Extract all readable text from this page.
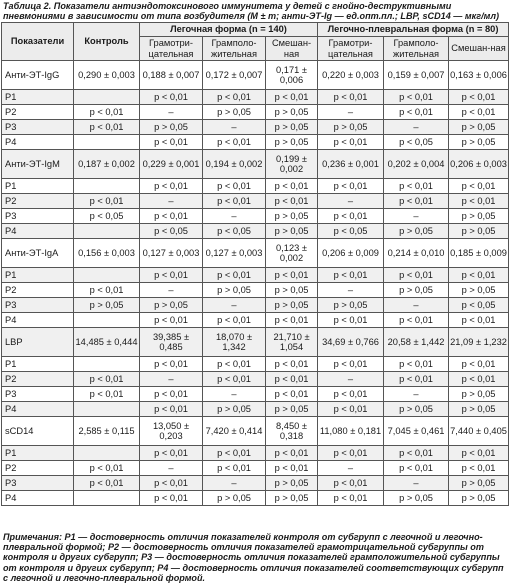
Таблица 2. Показатели антиэндотоксинового иммунитета у детей с гнойно-деструктивными пневмониями в зависимости от типа возбудителя (M ± m; анти-ЭТ-Ig — ед.опт.пл.; LBP, sCD14 — мкг/мл)
Показатели	Контроль	Легочная форма (n = 140)			Легочно-плевральная форма (n = 80)		
		Грамотри-цательная	Грамполо-жительная	Смешан-ная	Грамотри-цательная	Грамполо-жительная	Смешан-ная
Анти-ЭТ-IgG	0,290 ± 0,003	0,188 ± 0,007	0,172 ± 0,007	0,171 ± 0,006	0,220 ± 0,003	0,159 ± 0,007	0,163 ± 0,006
P1		p < 0,01	p < 0,01	p < 0,01	p < 0,01	p < 0,01	p < 0,01
P2	p < 0,01	–	p > 0,05	p > 0,05	–	p < 0,01	p < 0,01
P3	p < 0,01	p > 0,05	–	p > 0,05	p > 0,05	–	p > 0,05
P4		p < 0,01	p < 0,01	p > 0,05	p < 0,01	p < 0,05	p > 0,05
Анти-ЭТ-IgM	0,187 ± 0,002	0,229 ± 0,001	0,194 ± 0,002	0,199 ± 0,002	0,236 ± 0,001	0,202 ± 0,004	0,206 ± 0,003
P1		p < 0,01	p < 0,01	p < 0,01	p < 0,01	p < 0,01	p < 0,01
P2	p < 0,01	–	p < 0,01	p < 0,01	–	p < 0,01	p < 0,01
P3	p < 0,05	p < 0,01	–	p > 0,05	p < 0,01	–	p > 0,05
P4		p < 0,05	p < 0,05	p > 0,05	p < 0,05	p > 0,05	p > 0,05
Анти-ЭТ-IgA	0,156 ± 0,003	0,127 ± 0,003	0,127 ± 0,003	0,123 ± 0,002	0,206 ± 0,009	0,214 ± 0,010	0,185 ± 0,009
P1		p < 0,01	p < 0,01	p < 0,01	p < 0,01	p < 0,01	p < 0,01
P2	p < 0,01	–	p > 0,05	p > 0,05	–	p > 0,05	p > 0,05
P3	p > 0,05	p > 0,05	–	p > 0,05	p > 0,05	–	p < 0,05
P4		p < 0,01	p < 0,01	p < 0,01	p < 0,01	p < 0,01	p < 0,01
LBP	14,485 ± 0,444	39,385 ± 0,485	18,070 ± 1,342	21,710 ± 1,054	34,69 ± 0,766	20,58 ± 1,442	21,09 ± 1,232
P1		p < 0,01	p < 0,01	p < 0,01	p < 0,01	p < 0,01	p < 0,01
P2	p < 0,01	–	p < 0,01	p < 0,01	–	p < 0,01	p < 0,01
P3	p < 0,01	p < 0,01	–	p < 0,01	p < 0,01	–	p > 0,05
P4		p < 0,01	p > 0,05	p > 0,05	p < 0,01	p > 0,05	p > 0,05
sCD14	2,585 ± 0,115	13,050 ± 0,203	7,420 ± 0,414	8,450 ± 0,318	11,080 ± 0,181	7,045 ± 0,461	7,440 ± 0,405
P1		p < 0,01	p < 0,01	p < 0,01	p < 0,01	p < 0,01	p < 0,01
P2	p < 0,01	–	p < 0,01	p < 0,01	–	p < 0,01	p < 0,01
P3	p < 0,01	p < 0,01	–	p > 0,05	p < 0,01	–	p > 0,05
P4		p < 0,01	p > 0,05	p > 0,05	p < 0,01	p > 0,05	p > 0,05
Примечания: P1 — достоверность отличия показателей контроля от субгрупп с легочной и легочно-плевральной формой; P2 — достоверность отличия показателей грамотрицательной субгруппы от контроля и других субгрупп; P3 — достоверность отличия показателей грамположительной субгруппы от контроля и других субгрупп; P4 — достоверность отличия показателей соответствующих субгрупп с легочной и легочно-плевральной формой.
